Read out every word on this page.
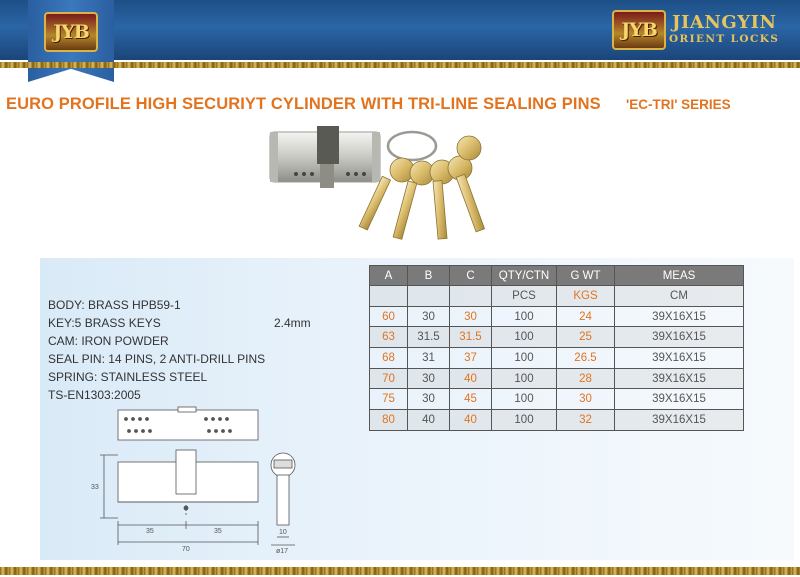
JYB	JYB JIANGYIN
ORIENT LOCKS
EURO PROFILE HIGH SECURIYT CYLINDER WITH TRI-LINE SEALING PINS 'EC-TRI' SERIES
BODY: BRASS HPB59-1
KEY:5 BRASS KEYS	2.4mm
CAM: IRON POWDER
SEAL PIN: 14 PINS, 2 ANTI-DRILL PINS
SPRING: STAINLESS STEEL
TS-EN1303:2005
A	B	C	QTY/CTN	G WT	MEAS
			PCS	KGS	CM
60	30	30	100	24	39X16X15
63	31.5	31.5	100	25	39X16X15
68	31	37	100	26.5	39X16X15
70	30	40	100	28	39X16X15
75	30	45	100	30	39X16X15
80	40	40	100	32	39X16X15
33
35	35
70
10
ø17
